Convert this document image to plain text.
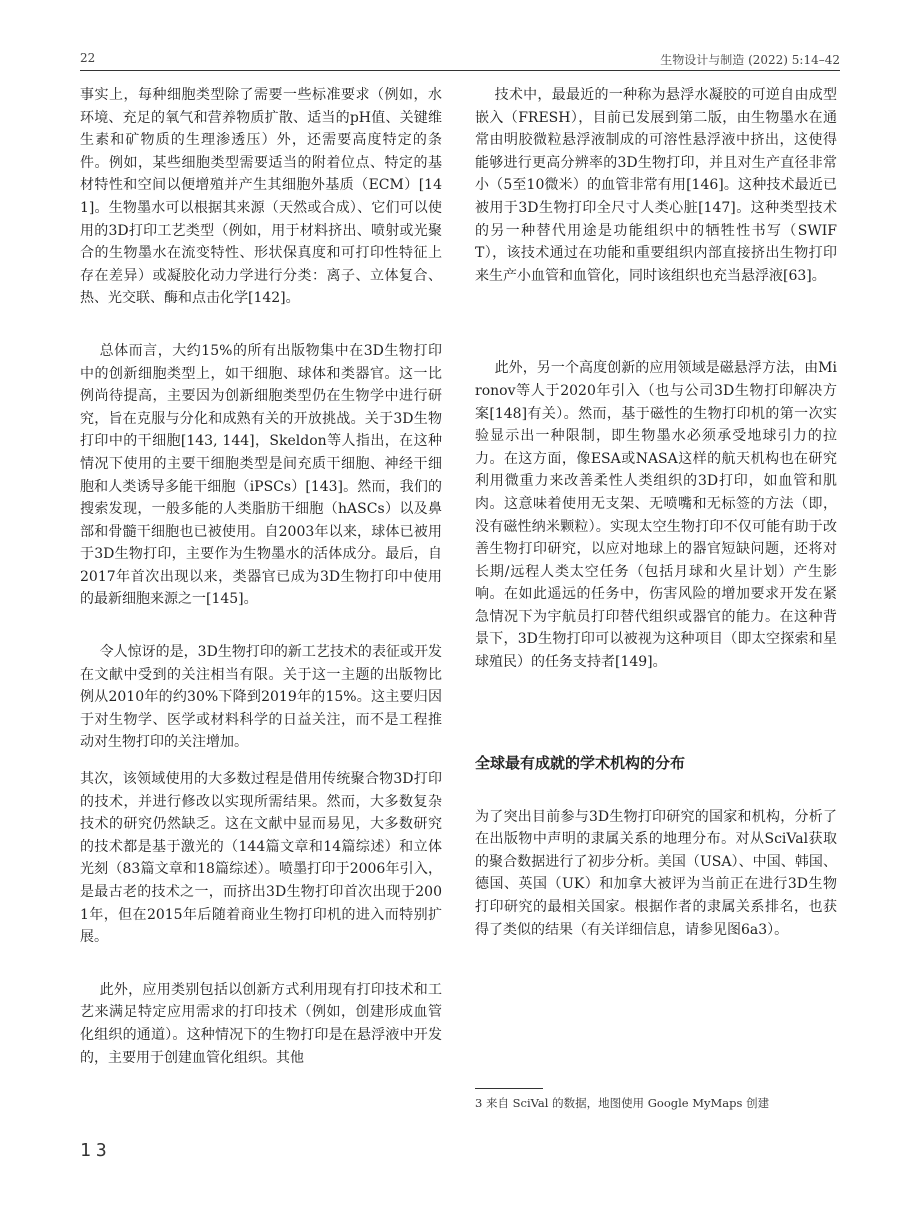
22	生物设计与制造 (2022) 5:14–42

事实上，每种细胞类型除了需要一些标准要求（例如，水环境、充足的氧气和营养物质扩散、适当的pH值、关键维生素和矿物质的生理渗透压）外，还需要高度特定的条件。例如，某些细胞类型需要适当的附着位点、特定的基材特性和空间以便增殖并产生其细胞外基质（ECM）[141]。生物墨水可以根据其来源（天然或合成）、它们可以使用的3D打印工艺类型（例如，用于材料挤出、喷射或光聚合的生物墨水在流变特性、形状保真度和可打印性特征上存在差异）或凝胶化动力学进行分类：离子、立体复合、热、光交联、酶和点击化学[142]。

总体而言，大约15%的所有出版物集中在3D生物打印中的创新细胞类型上，如干细胞、球体和类器官。这一比例尚待提高，主要因为创新细胞类型仍在生物学中进行研究，旨在克服与分化和成熟有关的开放挑战。关于3D生物打印中的干细胞[143, 144]，Skeldon等人指出，在这种情况下使用的主要干细胞类型是间充质干细胞、神经干细胞和人类诱导多能干细胞（iPSCs）[143]。然而，我们的搜索发现，一般多能的人类脂肪干细胞（hASCs）以及鼻部和骨髓干细胞也已被使用。自2003年以来，球体已被用于3D生物打印，主要作为生物墨水的活体成分。最后，自2017年首次出现以来，类器官已成为3D生物打印中使用的最新细胞来源之一[145]。

令人惊讶的是，3D生物打印的新工艺技术的表征或开发在文献中受到的关注相当有限。关于这一主题的出版物比例从2010年的约30%下降到2019年的15%。这主要归因于对生物学、医学或材料科学的日益关注，而不是工程推动对生物打印的关注增加。

其次，该领域使用的大多数过程是借用传统聚合物3D打印的技术，并进行修改以实现所需结果。然而，大多数复杂技术的研究仍然缺乏。这在文献中显而易见，大多数研究的技术都是基于激光的（144篇文章和14篇综述）和立体光刻（83篇文章和18篇综述）。喷墨打印于2006年引入，是最古老的技术之一，而挤出3D生物打印首次出现于2001年，但在2015年后随着商业生物打印机的进入而特别扩展。

此外，应用类别包括以创新方式利用现有打印技术和工艺来满足特定应用需求的打印技术（例如，创建形成血管化组织的通道）。这种情况下的生物打印是在悬浮液中开发的，主要用于创建血管化组织。其他

技术中，最最近的一种称为悬浮水凝胶的可逆自由成型嵌入（FRESH），目前已发展到第二版，由生物墨水在通常由明胶微粒悬浮液制成的可溶性悬浮液中挤出，这使得能够进行更高分辨率的3D生物打印，并且对生产直径非常小（5至10微米）的血管非常有用[146]。这种技术最近已被用于3D生物打印全尺寸人类心脏[147]。这种类型技术的另一种替代用途是功能组织中的牺牲性书写（SWIFT），该技术通过在功能和重要组织内部直接挤出生物打印来生产小血管和血管化，同时该组织也充当悬浮液[63]。

此外，另一个高度创新的应用领域是磁悬浮方法，由Mironov等人于2020年引入（也与公司3D生物打印解决方案[148]有关）。然而，基于磁性的生物打印机的第一次实验显示出一种限制，即生物墨水必须承受地球引力的拉力。在这方面，像ESA或NASA这样的航天机构也在研究利用微重力来改善柔性人类组织的3D打印，如血管和肌肉。这意味着使用无支架、无喷嘴和无标签的方法（即，没有磁性纳米颗粒）。实现太空生物打印不仅可能有助于改善生物打印研究，以应对地球上的器官短缺问题，还将对长期/远程人类太空任务（包括月球和火星计划）产生影响。在如此遥远的任务中，伤害风险的增加要求开发在紧急情况下为宇航员打印替代组织或器官的能力。在这种背景下，3D生物打印可以被视为这种项目（即太空探索和星球殖民）的任务支持者[149]。

全球最有成就的学术机构的分布

为了突出目前参与3D生物打印研究的国家和机构，分析了在出版物中声明的隶属关系的地理分布。对从SciVal获取的聚合数据进行了初步分析。美国（USA）、中国、韩国、德国、英国（UK）和加拿大被评为当前正在进行3D生物打印研究的最相关国家。根据作者的隶属关系排名，也获得了类似的结果（有关详细信息，请参见图6a3）。

3 来自 SciVal 的数据，地图使用 Google MyMaps 创建
13
